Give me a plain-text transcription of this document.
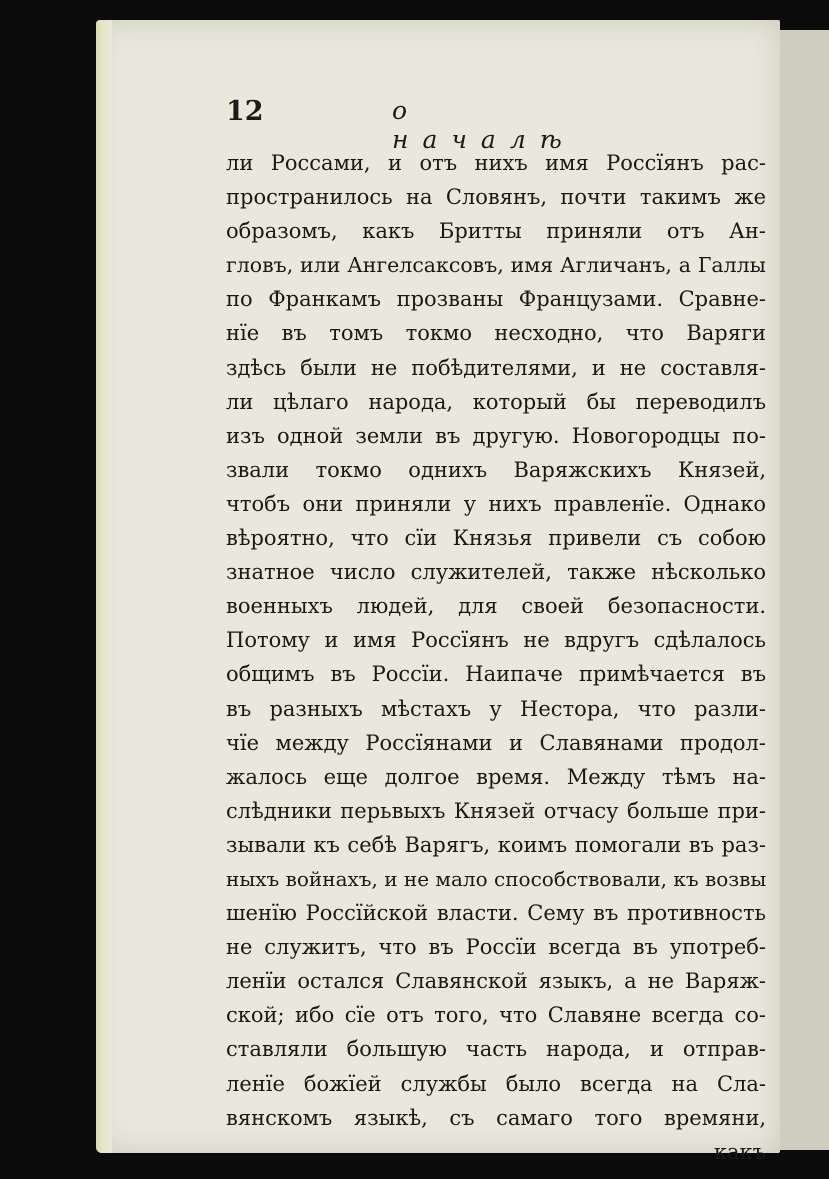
12	о началѣ
ли Россами, и отъ нихъ имя Россїянъ рас-
пространилось на Словянъ, почти такимъ же
образомъ, какъ Бритты приняли отъ Ан-
гловъ, или Ангелсаксовъ, имя Агличанъ, а Галлы
по Франкамъ прозваны Французами. Сравне-
нїе въ томъ токмо несходно, что Варяги
здѣсь были не побѣдителями, и не составля-
ли цѣлаго народа, который бы переводилъ
изъ одной земли въ другую. Новогородцы по-
звали токмо однихъ Варяжскихъ Князей,
чтобъ они приняли у нихъ правленїе. Однако
вѣроятно, что сїи Князья привели съ собою
знатное число служителей, также нѣсколько
военныхъ людей, для своей безопасности.
Потому и имя Россїянъ не вдругъ сдѣлалось
общимъ въ Россїи. Наипаче примѣчается въ
въ разныхъ мѣстахъ у Нестора, что разли-
чїе между Россїянами и Славянами продол-
жалось еще долгое время. Между тѣмъ на-
слѣдники перьвыхъ Князей отчасу больше при-
зывали къ себѣ Варягъ, коимъ помогали въ раз-
ныхъ войнахъ, и не мало способствовали, къ возвы
шенїю Россїйской власти. Сему въ противность
не служитъ, что въ Россїи всегда въ употреб-
ленїи остался Славянской языкъ, а не Варяж-
ской; ибо сїе отъ того, что Славяне всегда со-
ставляли большую часть народа, и отправ-
ленїе божїей службы было всегда на Сла-
вянскомъ языкѣ, съ самаго того времяни,
какъ
